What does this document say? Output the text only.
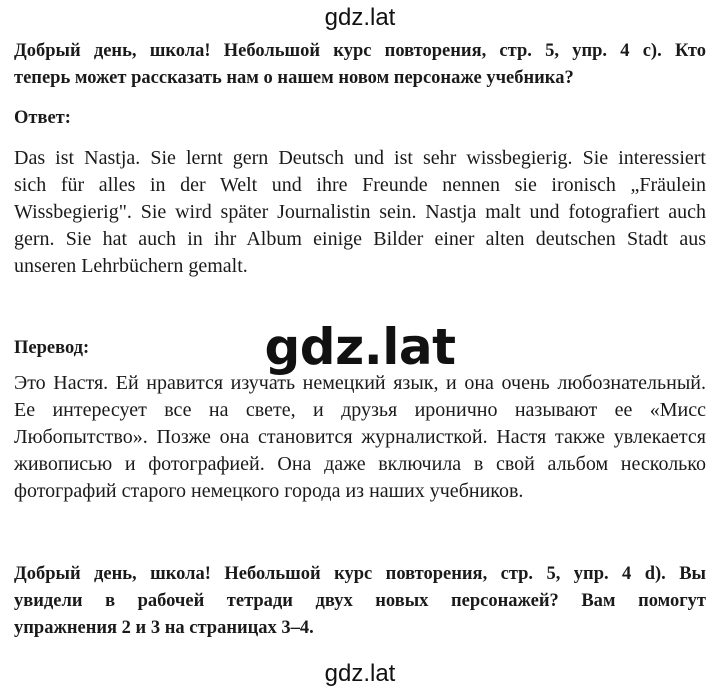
gdz.lat
Добрый день, школа! Небольшой курс повторения, стр. 5, упр. 4 c). Кто
теперь может рассказать нам о нашем новом персонаже учебника?
Ответ:
Das ist Nastja. Sie lernt gern Deutsch und ist sehr wissbegierig. Sie interessiert
sich für alles in der Welt und ihre Freunde nennen sie ironisch „Fräulein
Wissbegierig". Sie wird später Journalistin sein. Nastja malt und fotografiert auch
gern. Sie hat auch in ihr Album einige Bilder einer alten deutschen Stadt aus
unseren Lehrbüchern gemalt.
gdz.lat
Перевод:
Это Настя. Ей нравится изучать немецкий язык, и она очень любознательный.
Ее интересует все на свете, и друзья иронично называют ее «Мисс
Любопытство». Позже она становится журналисткой. Настя также увлекается
живописью и фотографией. Она даже включила в свой альбом несколько
фотографий старого немецкого города из наших учебников.
Добрый день, школа! Небольшой курс повторения, стр. 5, упр. 4 d). Вы
увидели в рабочей тетради двух новых персонажей? Вам помогут
упражнения 2 и 3 на страницах 3–4.
gdz.lat
